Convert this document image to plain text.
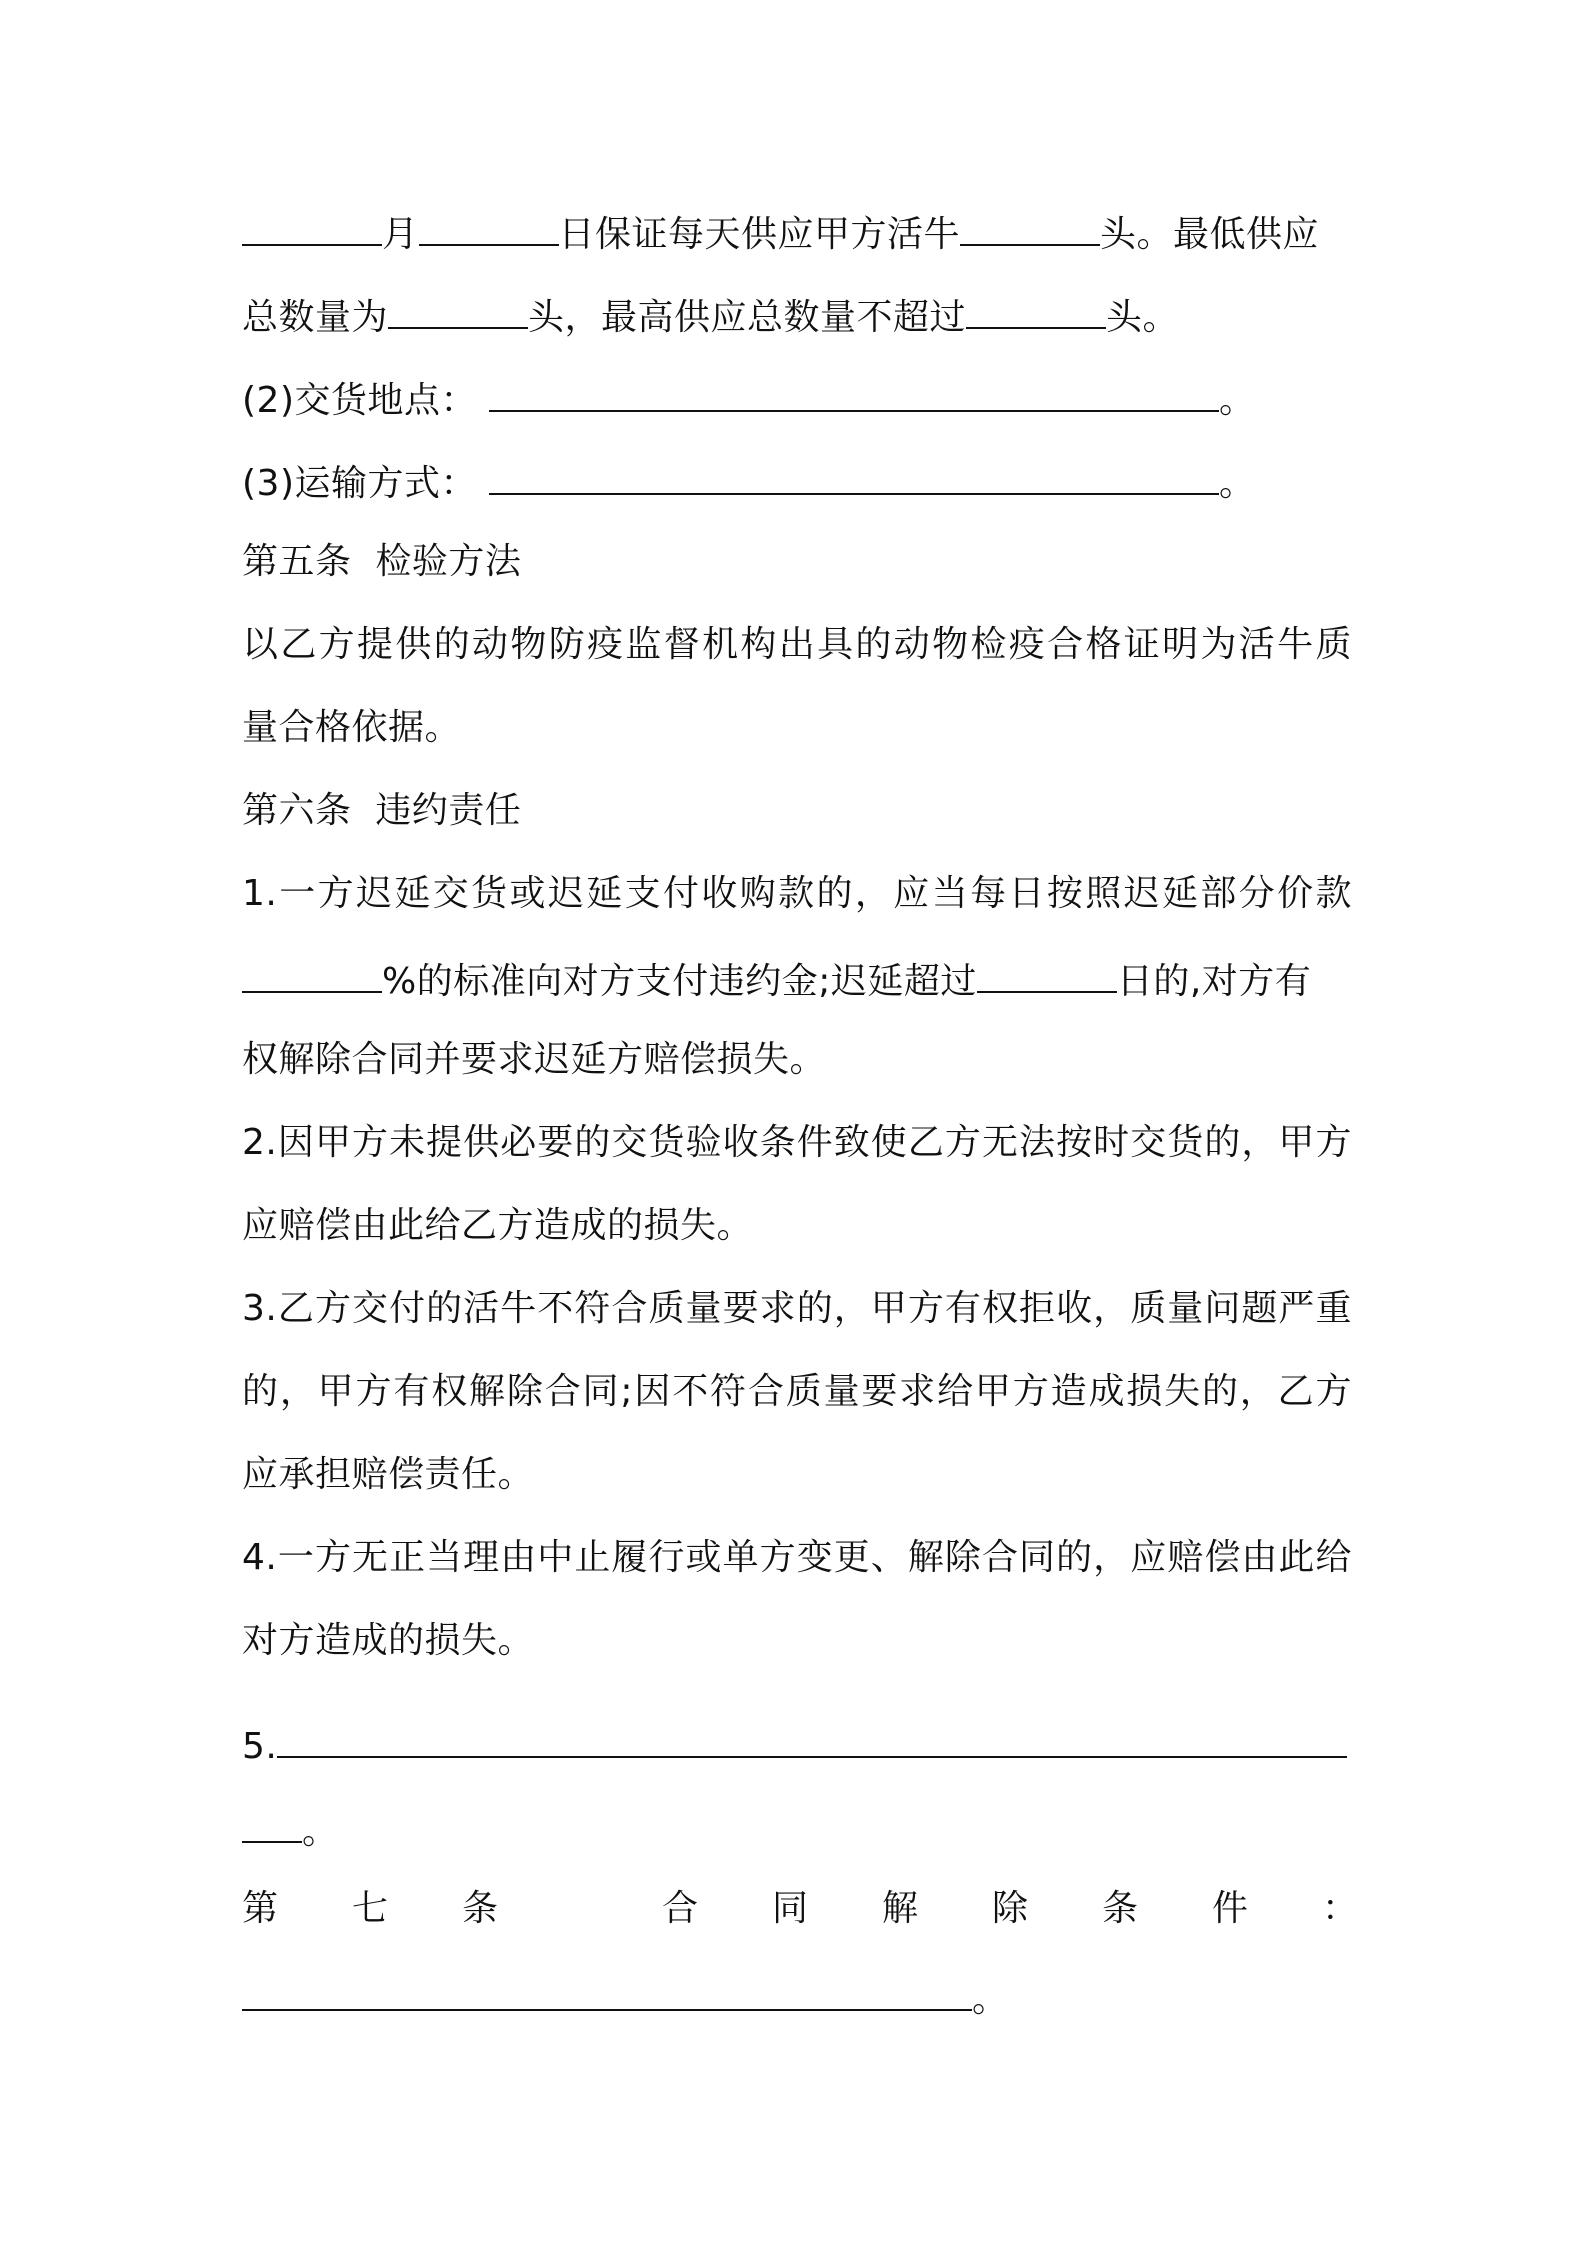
月	日保证每天供应甲方活牛	头。最低供应
总数量为	头，最高供应总数量不超过	头。
(2)交货地点：	。
(3)运输方式：	。
第五条  检验方法
以乙方提供的动物防疫监督机构出具的动物检疫合格证明为活牛质
量合格依据。
第六条  违约责任
1.一方迟延交货或迟延支付收购款的，应当每日按照迟延部分价款
%的标准向对方支付违约金;迟延超过	日的,对方有
权解除合同并要求迟延方赔偿损失。
2.因甲方未提供必要的交货验收条件致使乙方无法按时交货的，甲方
应赔偿由此给乙方造成的损失。
3.乙方交付的活牛不符合质量要求的，甲方有权拒收，质量问题严重
的，甲方有权解除合同;因不符合质量要求给甲方造成损失的，乙方
应承担赔偿责任。
4.一方无正当理由中止履行或单方变更、解除合同的，应赔偿由此给
对方造成的损失。
5.
。
第 七 条	合 同 解 除 条 件 ：
。
